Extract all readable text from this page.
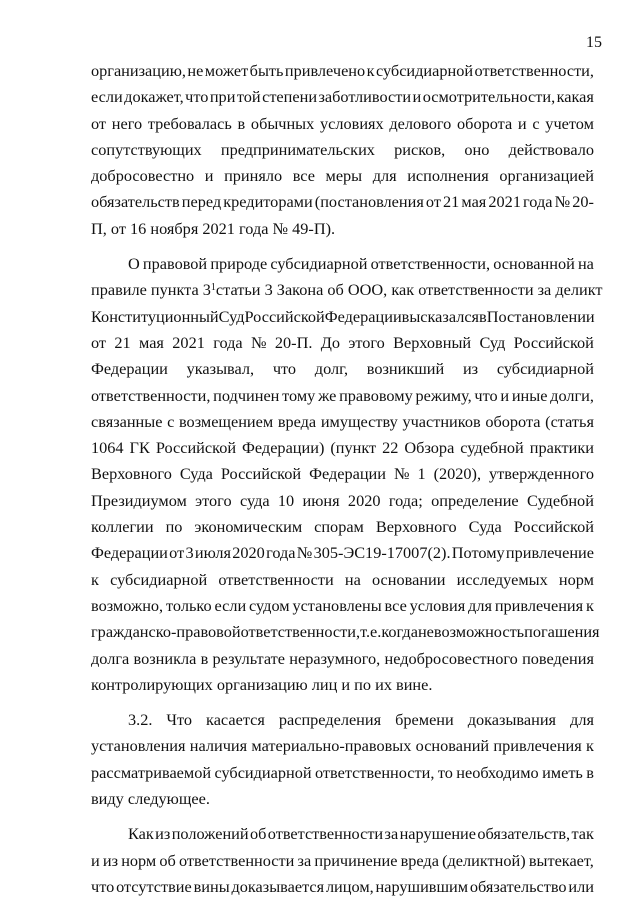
15
организацию, не может быть привлечено к субсидиарной ответственности,
если докажет, что при той степени заботливости и осмотрительности, какая
от него требовалась в обычных условиях делового оборота и с учетом
сопутствующих предпринимательских рисков, оно действовало
добросовестно и приняло все меры для исполнения организацией
обязательств перед кредиторами (постановления от 21 мая 2021 года № 20-
П, от 16 ноября 2021 года № 49-П).
О правовой природе субсидиарной ответственности, основанной на
правиле пункта $3^1статьи$ 3 Закона об ООО, как ответственности за деликт
Конституционный Суд Российской Федерации высказался в Постановлении
от 21 мая 2021 года № 20-П. До этого Верховный Суд Российской
Федерации указывал, что долг, возникший из субсидиарной
ответственности, подчинен тому же правовому режиму, что и иные долги,
связанные с возмещением вреда имуществу участников оборота (статья
1064 ГК Российской Федерации) (пункт 22 Обзора судебной практики
Верховного Суда Российской Федерации № 1 (2020), утвержденного
Президиумом этого суда 10 июня 2020 года; определение Судебной
коллегии по экономическим спорам Верховного Суда Российской
Федерации от 3 июля 2020 года № 305-ЭС19-17007(2). Потому привлечение
к субсидиарной ответственности на основании исследуемых норм
возможно, только если судом установлены все условия для привлечения к
гражданско-правовой ответственности, т.е. когда невозможность погашения
долга возникла в результате неразумного, недобросовестного поведения
контролирующих организацию лиц и по их вине.
3.2. Что касается распределения бремени доказывания для
установления наличия материально-правовых оснований привлечения к
рассматриваемой субсидиарной ответственности, то необходимо иметь в
виду следующее.
Как из положений об ответственности за нарушение обязательств, так
и из норм об ответственности за причинение вреда (деликтной) вытекает,
что отсутствие вины доказывается лицом, нарушившим обязательство или
